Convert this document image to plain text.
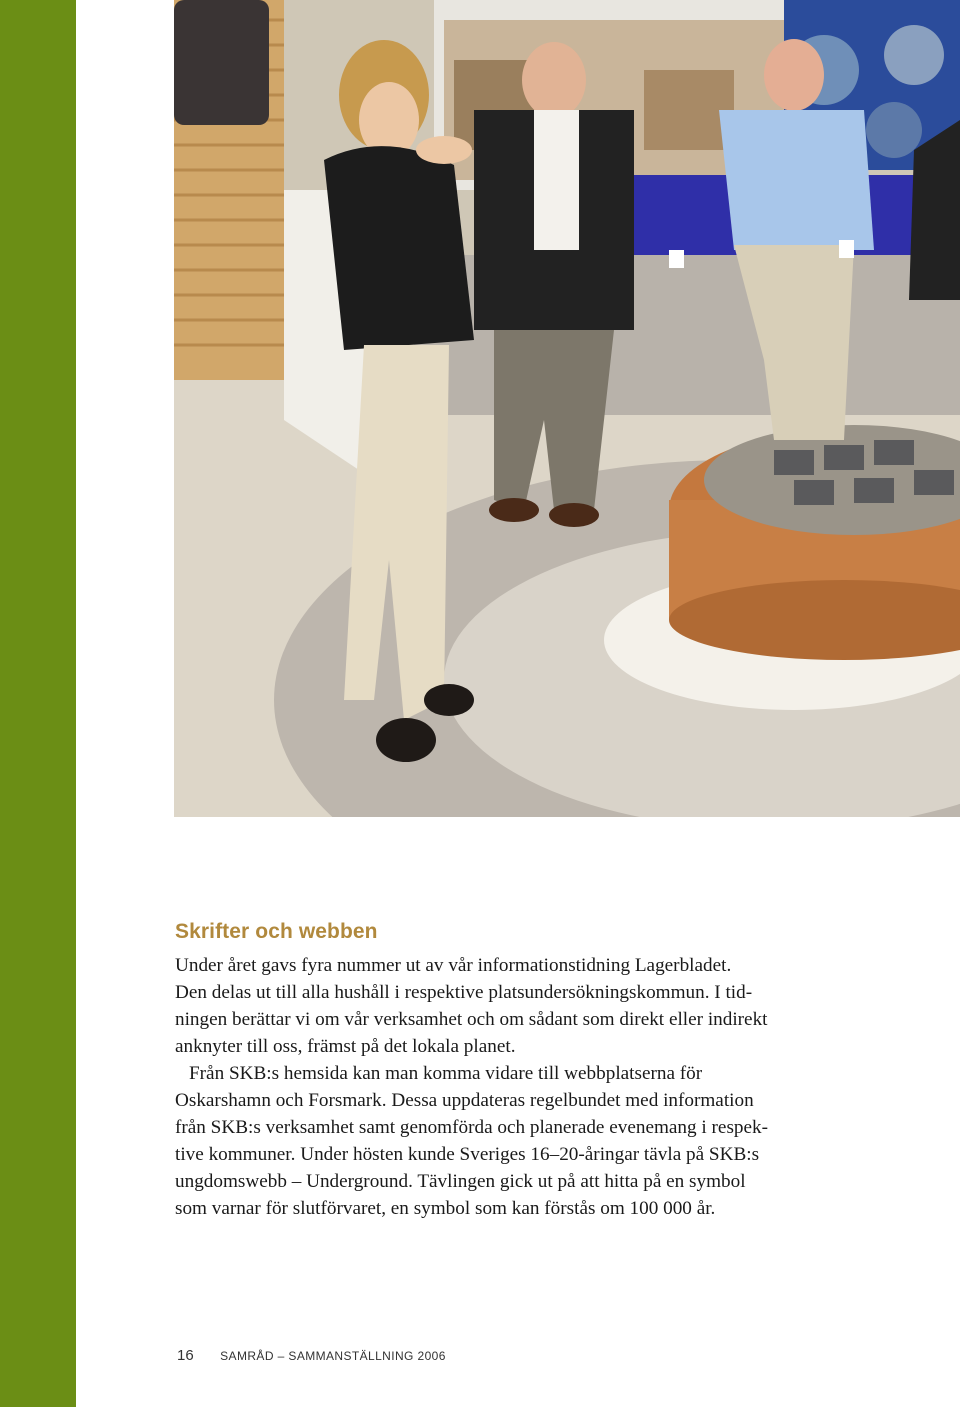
Skrifter och webben
Under året gavs fyra nummer ut av vår informationstidning Lagerbladet.
Den delas ut till alla hushåll i respektive platsundersökningskommun. I tid-
ningen berättar vi om vår verksamhet och om sådant som direkt eller indirekt
anknyter till oss, främst på det lokala planet.
Från SKB:s hemsida kan man komma vidare till webbplatserna för
Oskarshamn och Forsmark. Dessa uppdateras regelbundet med information
från SKB:s verksamhet samt genomförda och planerade evenemang i respek-
tive kommuner. Under hösten kunde Sveriges 16–20-åringar tävla på SKB:s
ungdomswebb – Underground. Tävlingen gick ut på att hitta på en symbol
som varnar för slutförvaret, en symbol som kan förstås om 100 000 år.
16 SAMRÅD – SAMMANSTÄLLNING 2006
